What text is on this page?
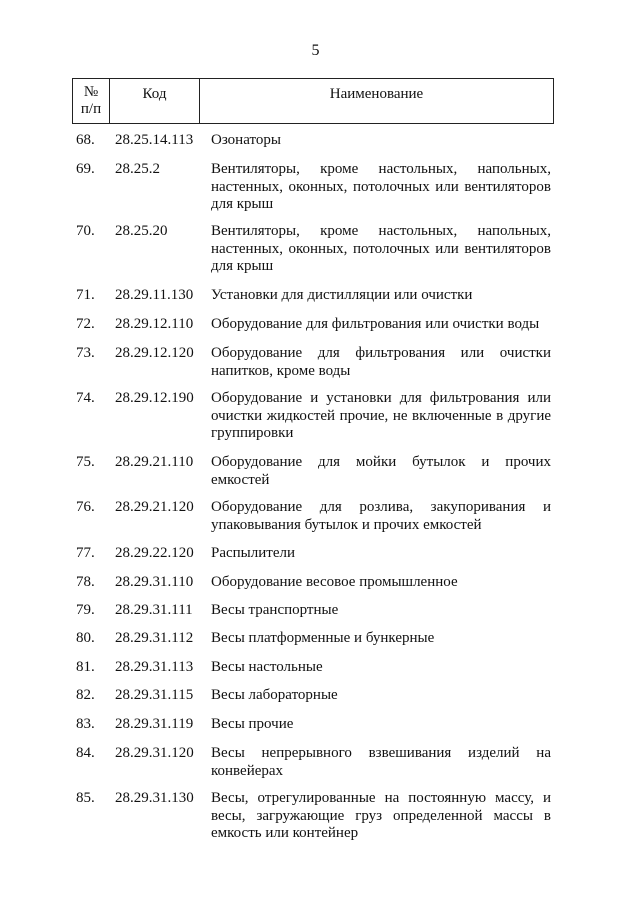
5
№
п/п
Код	Наименование
68. 28.25.14.113 Озонаторы
69. 28.25.2	Вентиляторы, кроме настольных, напольных, настенных, оконных, потолочных или вентиляторов для крыш
70. 28.25.20	Вентиляторы, кроме настольных, напольных, настенных, оконных, потолочных или вентиляторов для крыш
71. 28.29.11.130 Установки для дистилляции или очистки
72. 28.29.12.110 Оборудование для фильтрования или очистки воды
73. 28.29.12.120 Оборудование для фильтрования или очистки напитков, кроме воды
74. 28.29.12.190 Оборудование и установки для фильтрования или очистки жидкостей прочие, не включенные в другие группировки
75. 28.29.21.110 Оборудование для мойки бутылок и прочих емкостей
76. 28.29.21.120 Оборудование для розлива, закупоривания и упаковывания бутылок и прочих емкостей
77. 28.29.22.120 Распылители
78. 28.29.31.110 Оборудование весовое промышленное
79. 28.29.31.111 Весы транспортные
80. 28.29.31.112 Весы платформенные и бункерные
81. 28.29.31.113 Весы настольные
82. 28.29.31.115 Весы лабораторные
83. 28.29.31.119 Весы прочие
84. 28.29.31.120 Весы непрерывного взвешивания изделий на конвейерах
85. 28.29.31.130 Весы, отрегулированные на постоянную массу, и весы, загружающие груз определенной массы в емкость или контейнер
